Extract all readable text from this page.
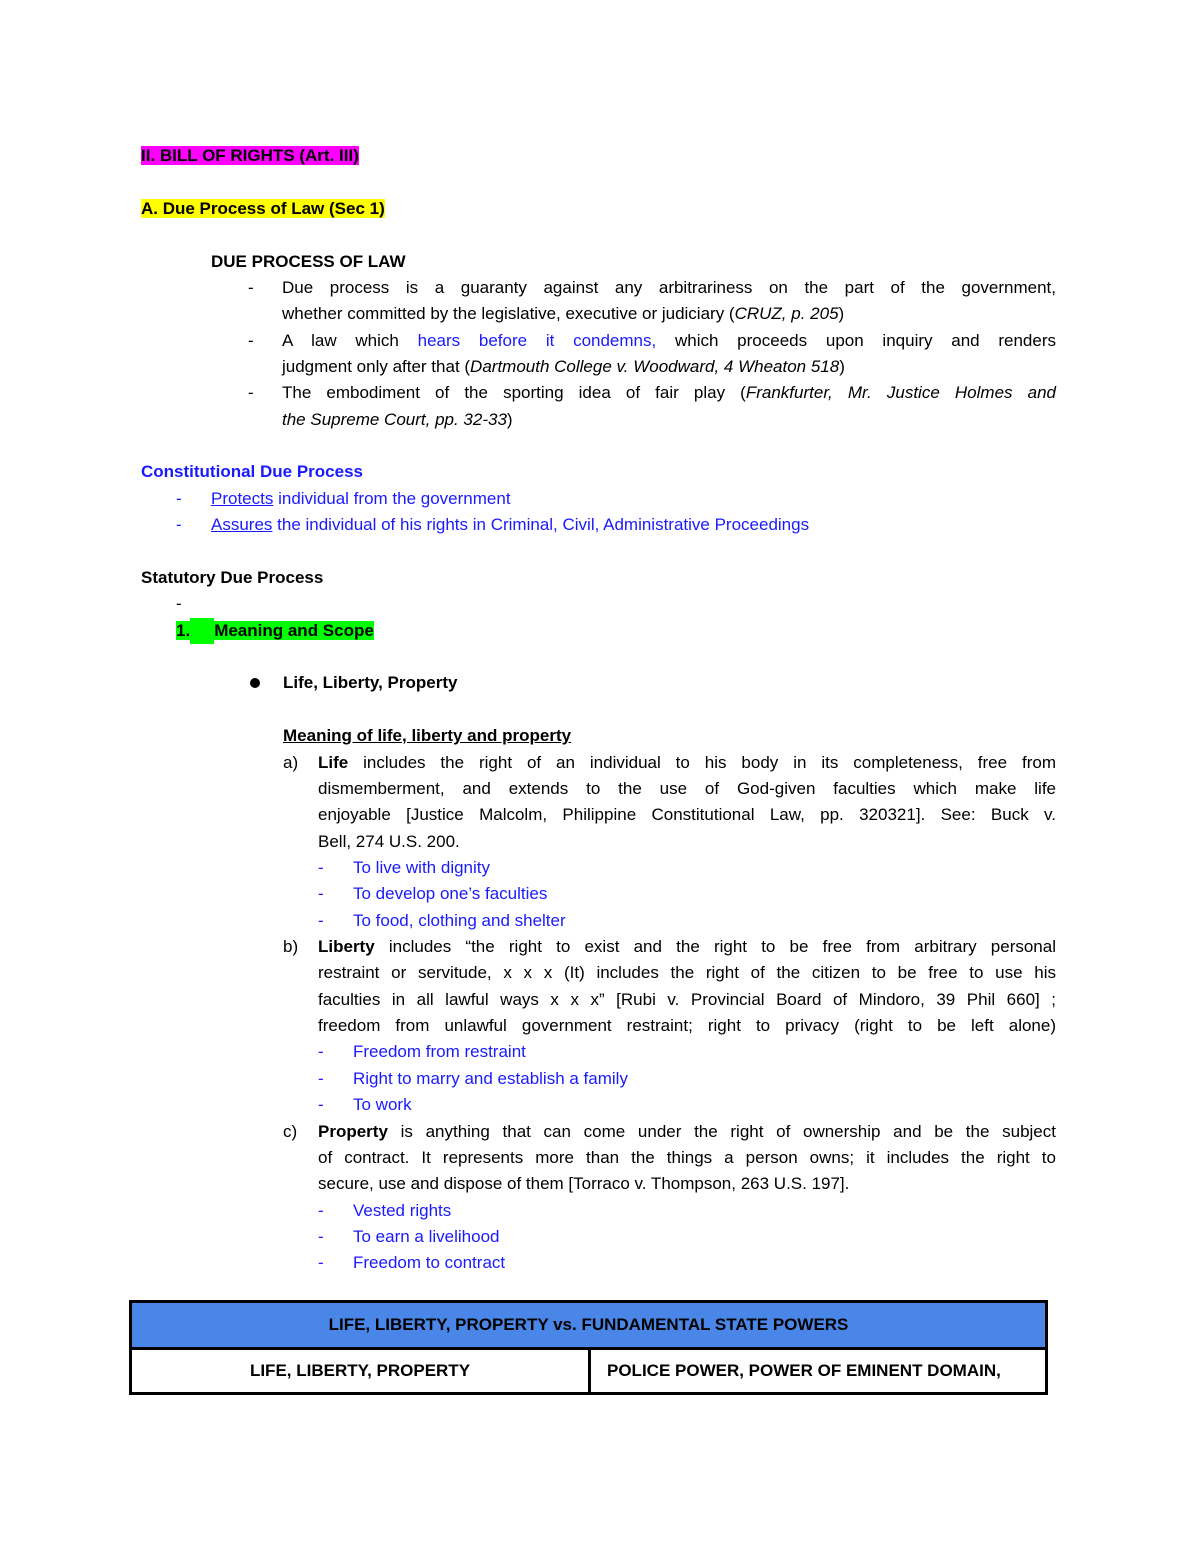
II. BILL OF RIGHTS (Art. III)
A. Due Process of Law (Sec 1)
DUE PROCESS OF LAW
- Due process is a guaranty against any arbitrariness on the part of the government,
whether committed by the legislative, executive or judiciary (CRUZ, p. 205)
- A law which hears before it condemns, which proceeds upon inquiry and renders
judgment only after that (Dartmouth College v. Woodward, 4 Wheaton 518)
- The embodiment of the sporting idea of fair play (Frankfurter, Mr. Justice Holmes and
the Supreme Court, pp. 32-33)
Constitutional Due Process
- Protects individual from the government
- Assures the individual of his rights in Criminal, Civil, Administrative Proceedings
Statutory Due Process
-
1. Meaning and Scope
Life, Liberty, Property
Meaning of life, liberty and property
a) Life includes the right of an individual to his body in its completeness, free from
dismemberment, and extends to the use of God-given faculties which make life
enjoyable [Justice Malcolm, Philippine Constitutional Law, pp. 320321]. See: Buck v.
Bell, 274 U.S. 200.
- To live with dignity
- To develop one’s faculties
- To food, clothing and shelter
b) Liberty includes “the right to exist and the right to be free from arbitrary personal
restraint or servitude, x x x (It) includes the right of the citizen to be free to use his
faculties in all lawful ways x x x” [Rubi v. Provincial Board of Mindoro, 39 Phil 660] ;
freedom from unlawful government restraint; right to privacy (right to be left alone)
- Freedom from restraint
- Right to marry and establish a family
- To work
c) Property is anything that can come under the right of ownership and be the subject
of contract. It represents more than the things a person owns; it includes the right to
secure, use and dispose of them [Torraco v. Thompson, 263 U.S. 197].
- Vested rights
- To earn a livelihood
- Freedom to contract
LIFE, LIBERTY, PROPERTY vs. FUNDAMENTAL STATE POWERS
LIFE, LIBERTY, PROPERTY	POLICE POWER, POWER OF EMINENT DOMAIN,
